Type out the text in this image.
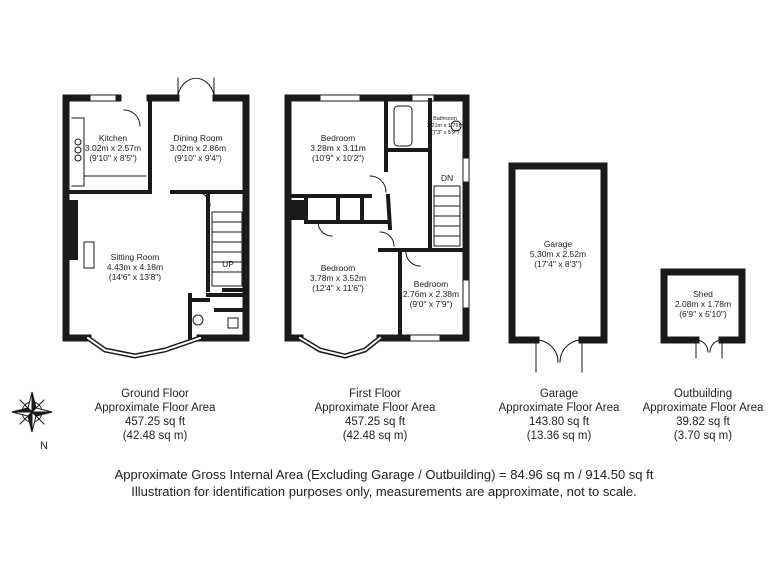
Kitchen
3.02m x 2.57m
(9'10" x 8'5")
Dining Room
3.02m x 2.86m
(9'10" x 9'4")
Sitting Room
4.43m x 4.18m
(14'6" x 13'8")
UP
Bedroom
3.28m x 3.11m
(10'9" x 10'2")
Bathroom
2.21m x 1.76m
(7'3" x 5'9")
Bedroom
3.78m x 3.52m
(12'4" x 11'6")	Bedroom
2.76m x 2.38m
(9'0" x 7'9")
DN
Garage
5.30m x 2.52m
(17'4" x 8'3")
Shed
2.08m x 1.78m
(6'9" x 5'10")
N
Ground Floor
Approximate Floor Area
457.25 sq ft
(42.48 sq m)
First Floor
Approximate Floor Area
457.25 sq ft
(42.48 sq m)
Garage
Approximate Floor Area
143.80 sq ft
(13.36 sq m)
Outbuilding
Approximate Floor Area
39.82 sq ft
(3.70 sq m)
Approximate Gross Internal Area (Excluding Garage / Outbuilding) = 84.96 sq m / 914.50 sq ft
Illustration for identification purposes only, measurements are approximate, not to scale.
